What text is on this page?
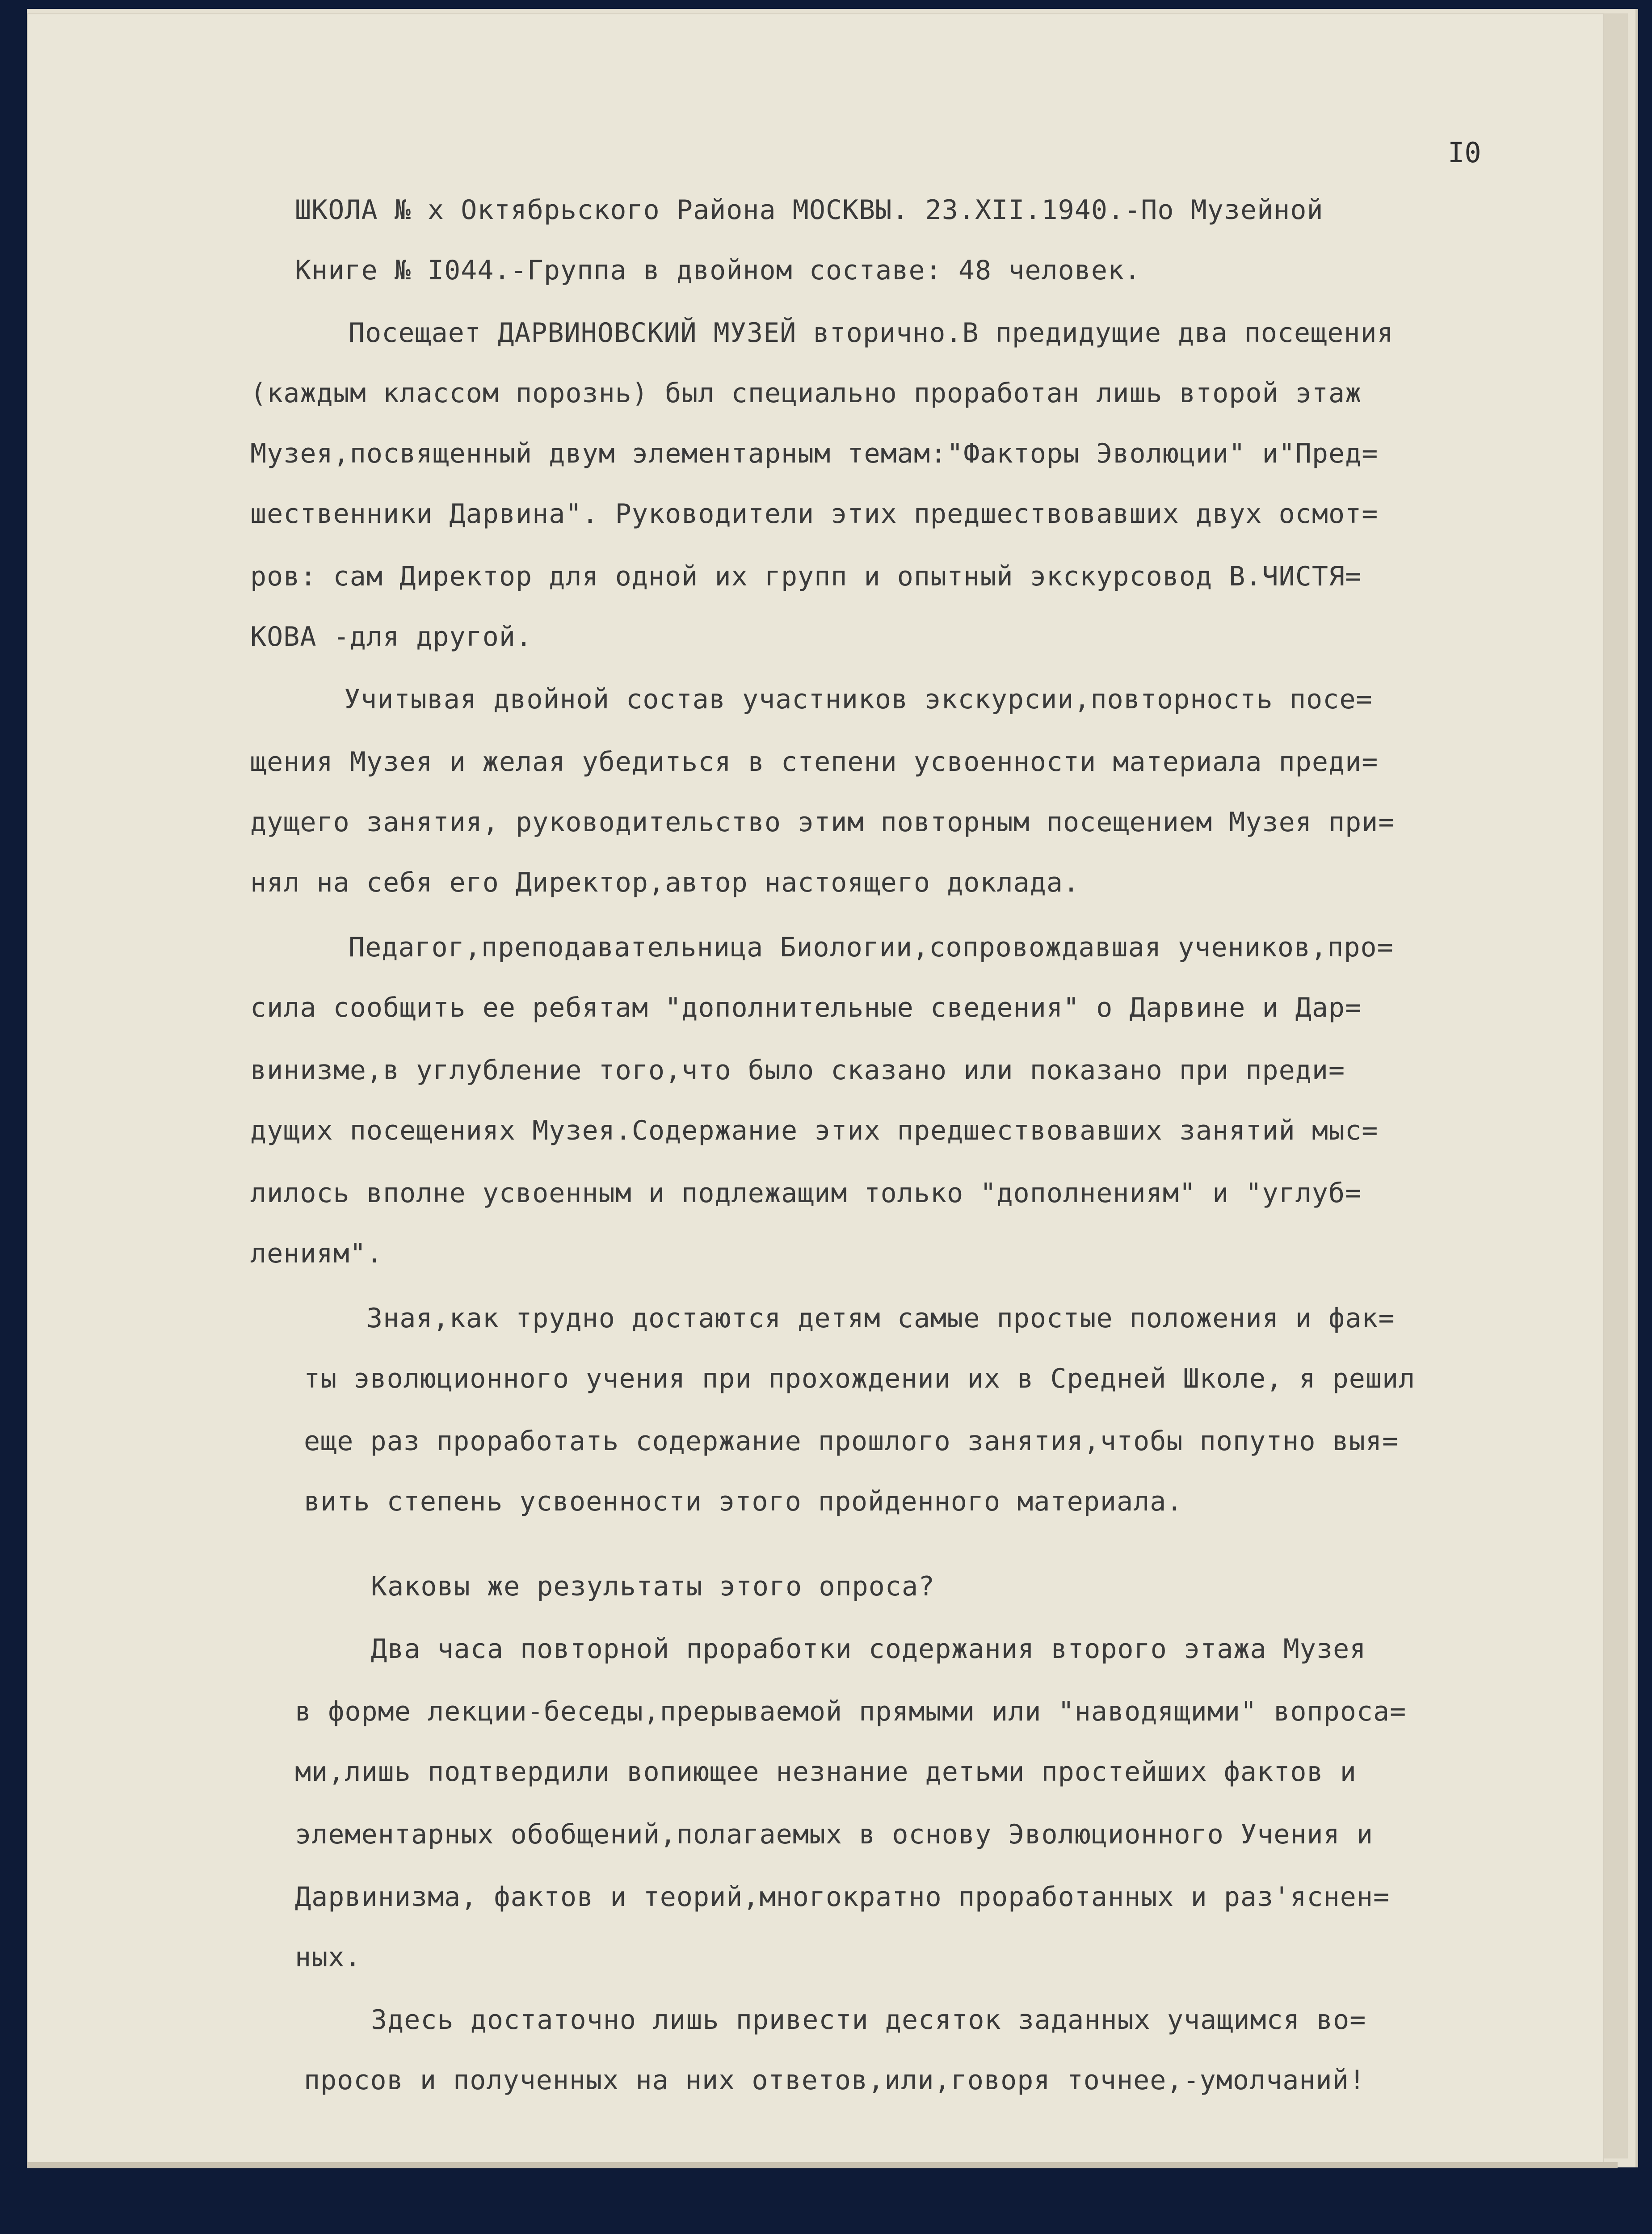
I0
ШКОЛА № х Октябрьского Района МОСКВЫ. 23.XII.1940.-По Музейной
Книге № I044.-Группа в двойном составе: 48 человек.
Посещает ДАРВИНОВСКИЙ МУЗЕЙ вторично.В предидущие два посещения
(каждым классом порознь) был специально проработан лишь второй этаж
Музея,посвященный двум элементарным темам:"Факторы Эволюции" и"Пред=
шественники Дарвина". Руководители этих предшествовавших двух осмот=
ров: сам Директор для одной их групп и опытный экскурсовод В.ЧИСТЯ=
КОВА -для другой.
Учитывая двойной состав участников экскурсии,повторность посе=
щения Музея и желая убедиться в степени усвоенности материала преди=
дущего занятия, руководительство этим повторным посещением Музея при=
нял на себя его Директор,автор настоящего доклада.
Педагог,преподавательница Биологии,сопровождавшая учеников,про=
сила сообщить ее ребятам "дополнительные сведения" о Дарвине и Дар=
винизме,в углубление того,что было сказано или показано при преди=
дущих посещениях Музея.Содержание этих предшествовавших занятий мыс=
лилось вполне усвоенным и подлежащим только "дополнениям" и "углуб=
лениям".
Зная,как трудно достаются детям самые простые положения и фак=
ты эволюционного учения при прохождении их в Средней Школе, я решил
еще раз проработать содержание прошлого занятия,чтобы попутно выя=
вить степень усвоенности этого пройденного материала.
Каковы же результаты этого опроса?
Два часа повторной проработки содержания второго этажа Музея
в форме лекции-беседы,прерываемой прямыми или "наводящими" вопроса=
ми,лишь подтвердили вопиющее незнание детьми простейших фактов и
элементарных обобщений,полагаемых в основу Эволюционного Учения и
Дарвинизма, фактов и теорий,многократно проработанных и раз'яснен=
ных.
Здесь достаточно лишь привести десяток заданных учащимся во=
просов и полученных на них ответов,или,говоря точнее,-умолчаний!
